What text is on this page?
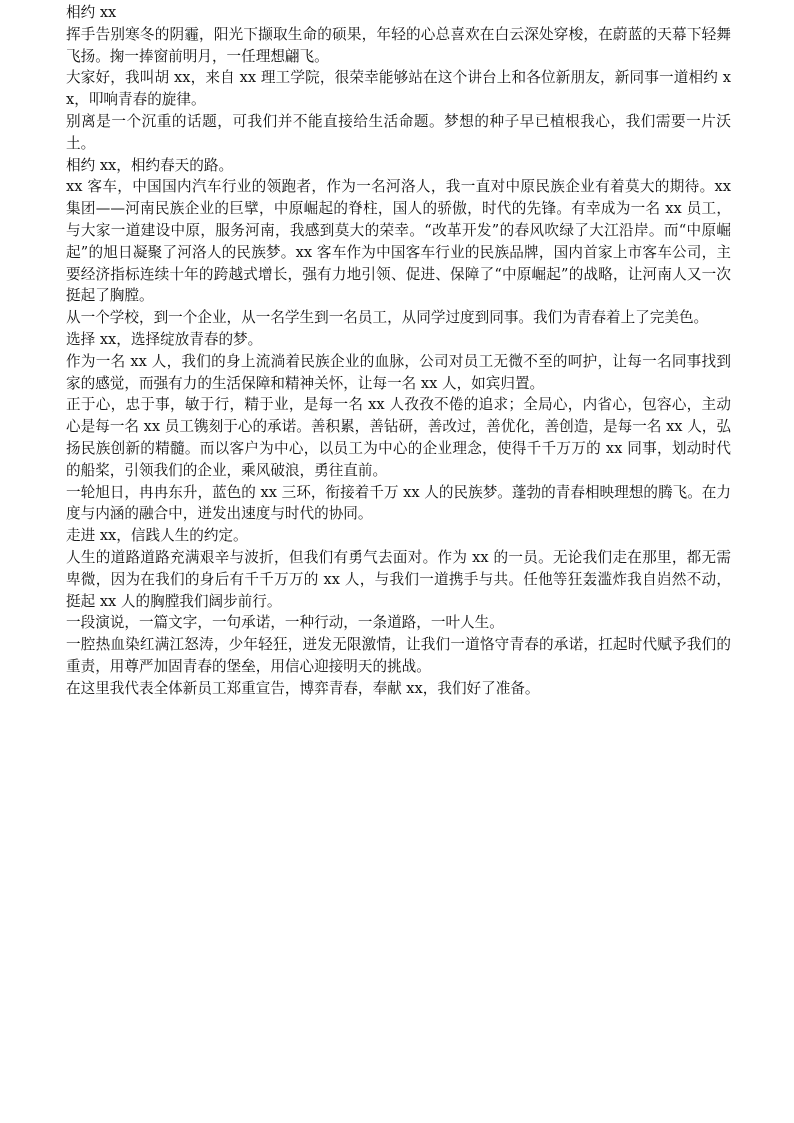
相约 xx

挥手告别寒冬的阴霾，阳光下撷取生命的硕果，年轻的心总喜欢在白云深处穿梭，在蔚蓝的天幕下轻舞飞扬。掬一捧窗前明月，一任理想翩飞。

大家好，我叫胡 xx，来自 xx 理工学院，很荣幸能够站在这个讲台上和各位新朋友，新同事一道相约 xx，叩响青春的旋律。

别离是一个沉重的话题，可我们并不能直接给生活命题。梦想的种子早已植根我心，我们需要一片沃土。

相约 xx，相约春天的路。

xx 客车，中国国内汽车行业的领跑者，作为一名河洛人，我一直对中原民族企业有着莫大的期待。xx 集团——河南民族企业的巨擘，中原崛起的脊柱，国人的骄傲，时代的先锋。有幸成为一名 xx 员工，与大家一道建设中原，服务河南，我感到莫大的荣幸。“改革开发”的春风吹绿了大江沿岸。而“中原崛起”的旭日凝聚了河洛人的民族梦。xx 客车作为中国客车行业的民族品牌，国内首家上市客车公司，主要经济指标连续十年的跨越式增长，强有力地引领、促进、保障了“中原崛起”的战略，让河南人又一次挺起了胸膛。

从一个学校，到一个企业，从一名学生到一名员工，从同学过度到同事。我们为青春着上了完美色。

选择 xx，选择绽放青春的梦。

作为一名 xx 人，我们的身上流淌着民族企业的血脉，公司对员工无微不至的呵护，让每一名同事找到家的感觉，而强有力的生活保障和精神关怀，让每一名 xx 人，如宾归置。

正于心，忠于事，敏于行，精于业，是每一名 xx 人孜孜不倦的追求；全局心，内省心，包容心，主动心是每一名 xx 员工镌刻于心的承诺。善积累，善钻研，善改过，善优化，善创造，是每一名 xx 人，弘扬民族创新的精髓。而以客户为中心，以员工为中心的企业理念，使得千千万万的 xx 同事，划动时代的船桨，引领我们的企业，乘风破浪，勇往直前。

一轮旭日，冉冉东升，蓝色的 xx 三环，衔接着千万 xx 人的民族梦。蓬勃的青春相映理想的腾飞。在力度与内涵的融合中，迸发出速度与时代的协同。

走进 xx，信践人生的约定。

人生的道路道路充满艰辛与波折，但我们有勇气去面对。作为 xx 的一员。无论我们走在那里，都无需卑微，因为在我们的身后有千千万万的 xx 人，与我们一道携手与共。任他等狂轰滥炸我自岿然不动，挺起 xx 人的胸膛我们阔步前行。

一段演说，一篇文字，一句承诺，一种行动，一条道路，一叶人生。

一腔热血染红满江怒涛，少年轻狂，迸发无限激情，让我们一道恪守青春的承诺，扛起时代赋予我们的重责，用尊严加固青春的堡垒，用信心迎接明天的挑战。

在这里我代表全体新员工郑重宣告，博弈青春，奉献 xx，我们好了准备。
